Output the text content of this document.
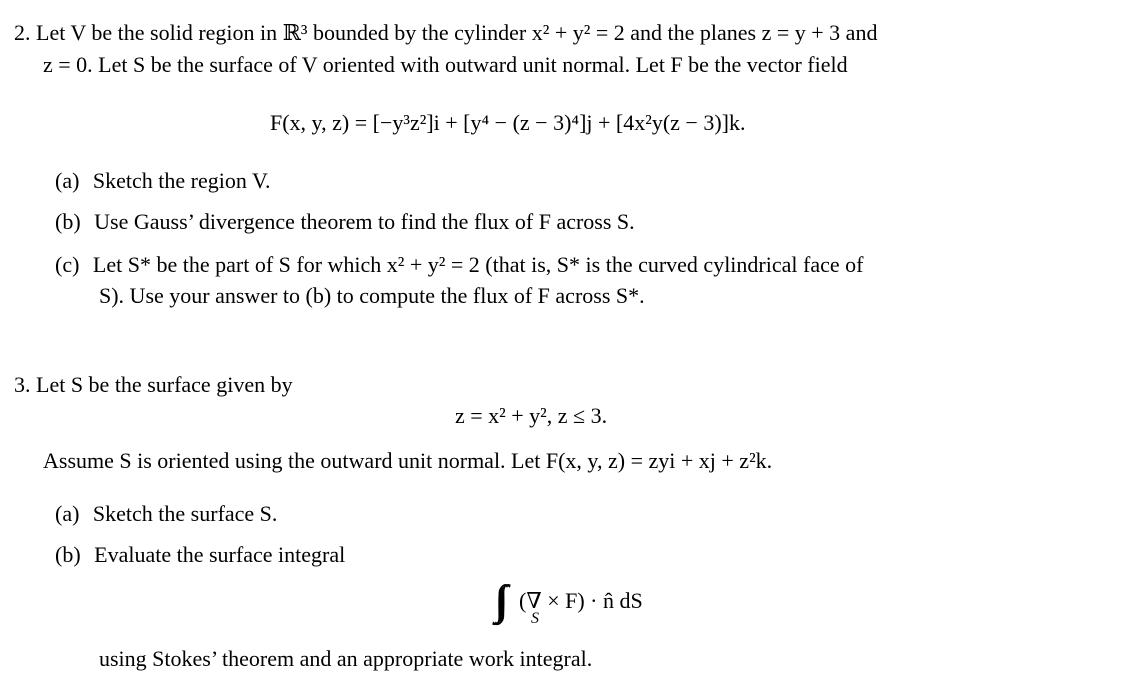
2. Let V be the solid region in ℝ³ bounded by the cylinder x² + y² = 2 and the planes z = y + 3 and
z = 0. Let S be the surface of V oriented with outward unit normal. Let F be the vector field
F(x, y, z) = [−y³z²]i + [y⁴ − (z − 3)⁴]j + [4x²y(z − 3)]k.
(a) Sketch the region V.
(b) Use Gauss’ divergence theorem to find the flux of F across S.
(c) Let S* be the part of S for which x² + y² = 2 (that is, S* is the curved cylindrical face of
S). Use your answer to (b) to compute the flux of F across S*.
3. Let S be the surface given by
z = x² + y², z ≤ 3.
Assume S is oriented using the outward unit normal. Let F(x, y, z) = zyi + xj + z²k.
(a) Sketch the surface S.
(b) Evaluate the surface integral

S
(∇ × F) · n̂ dS
using Stokes’ theorem and an appropriate work integral.
